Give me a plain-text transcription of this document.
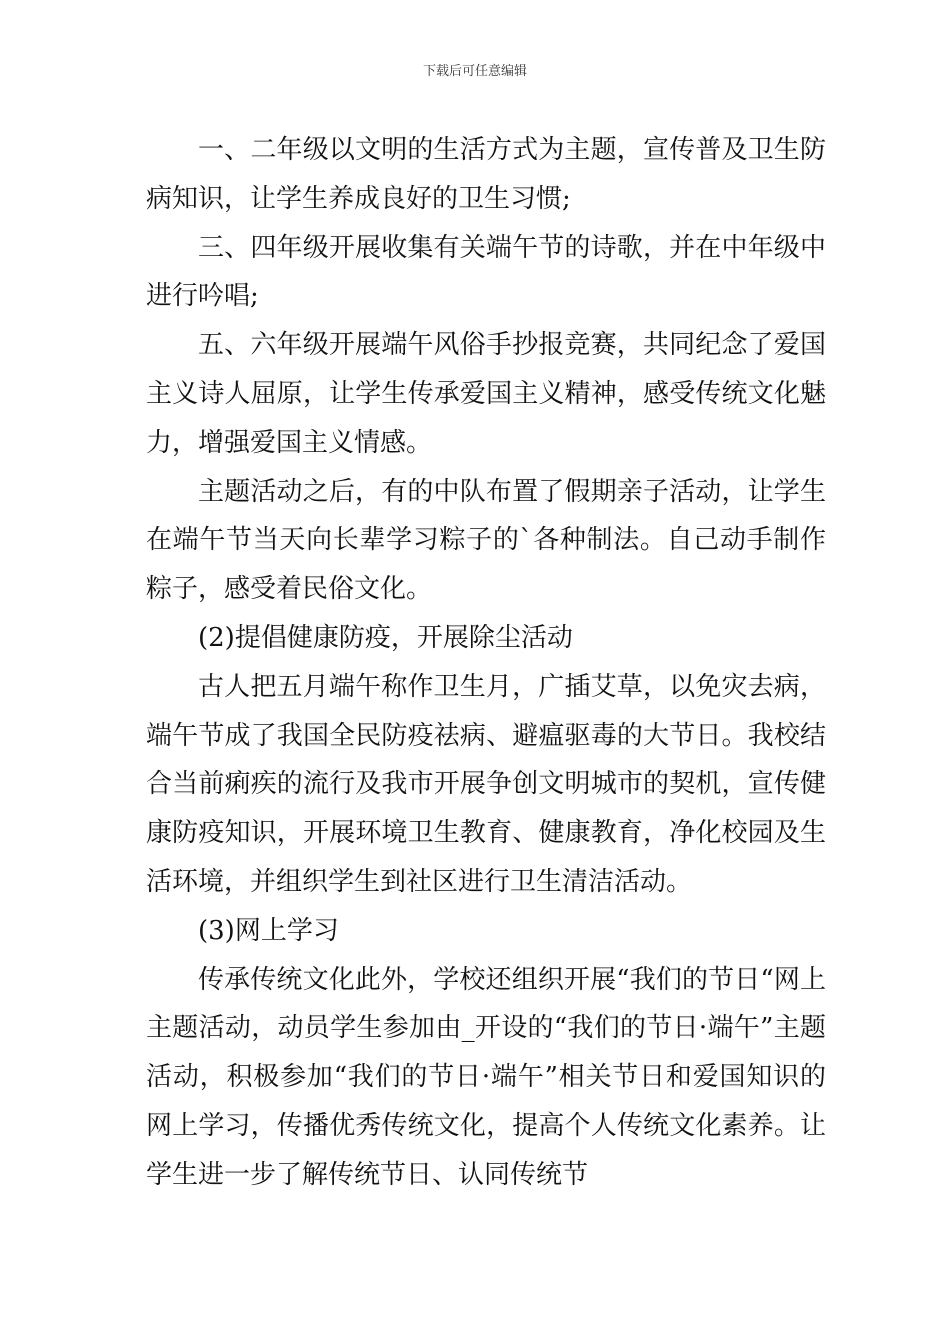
下载后可任意编辑

一、二年级以文明的生活方式为主题，宣传普及卫生防病知识，让学生养成良好的卫生习惯;

三、四年级开展收集有关端午节的诗歌，并在中年级中进行吟唱;

五、六年级开展端午风俗手抄报竞赛，共同纪念了爱国主义诗人屈原，让学生传承爱国主义精神，感受传统文化魅力，增强爱国主义情感。

主题活动之后，有的中队布置了假期亲子活动，让学生在端午节当天向长辈学习粽子的`各种制法。自己动手制作粽子，感受着民俗文化。

(2)提倡健康防疫，开展除尘活动

古人把五月端午称作卫生月，广插艾草，以免灾去病，端午节成了我国全民防疫祛病、避瘟驱毒的大节日。我校结合当前痢疾的流行及我市开展争创文明城市的契机，宣传健康防疫知识，开展环境卫生教育、健康教育，净化校园及生活环境，并组织学生到社区进行卫生清洁活动。

(3)网上学习

传承传统文化此外，学校还组织开展“我们的节日“网上主题活动，动员学生参加由_开设的“我们的节日·端午”主题活动，积极参加“我们的节日·端午”相关节日和爱国知识的网上学习，传播优秀传统文化，提高个人传统文化素养。让学生进一步了解传统节日、认同传统节
